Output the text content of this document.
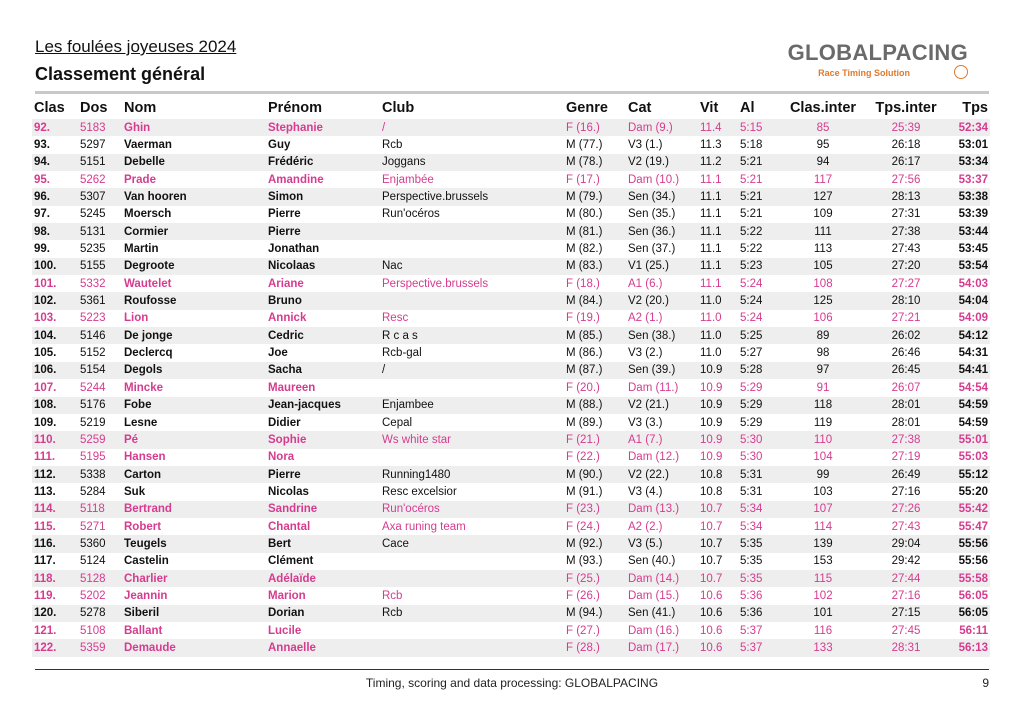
Les foulées joyeuses 2024
Classement général
GLOBALPACING
Race Timing Solution
Clas	Dos	Nom	Prénom	Club	Genre	Cat	Vit	Al	Clas.inter	Tps.inter	Tps
92.	5183	Ghin	Stephanie	/	F (16.)	Dam (9.)	11.4	5:15	85	25:39	52:34
93.	5297	Vaerman	Guy	Rcb	M (77.)	V3 (1.)	11.3	5:18	95	26:18	53:01
94.	5151	Debelle	Frédéric	Joggans	M (78.)	V2 (19.)	11.2	5:21	94	26:17	53:34
95.	5262	Prade	Amandine	Enjambée	F (17.)	Dam (10.)	11.1	5:21	117	27:56	53:37
96.	5307	Van hooren	Simon	Perspective.brussels	M (79.)	Sen (34.)	11.1	5:21	127	28:13	53:38
97.	5245	Moersch	Pierre	Run'océros	M (80.)	Sen (35.)	11.1	5:21	109	27:31	53:39
98.	5131	Cormier	Pierre		M (81.)	Sen (36.)	11.1	5:22	111	27:38	53:44
99.	5235	Martin	Jonathan		M (82.)	Sen (37.)	11.1	5:22	113	27:43	53:45
100.	5155	Degroote	Nicolaas	Nac	M (83.)	V1 (25.)	11.1	5:23	105	27:20	53:54
101.	5332	Wautelet	Ariane	Perspective.brussels	F (18.)	A1 (6.)	11.1	5:24	108	27:27	54:03
102.	5361	Roufosse	Bruno		M (84.)	V2 (20.)	11.0	5:24	125	28:10	54:04
103.	5223	Lion	Annick	Resc	F (19.)	A2 (1.)	11.0	5:24	106	27:21	54:09
104.	5146	De jonge	Cedric	R c a s	M (85.)	Sen (38.)	11.0	5:25	89	26:02	54:12
105.	5152	Declercq	Joe	Rcb-gal	M (86.)	V3 (2.)	11.0	5:27	98	26:46	54:31
106.	5154	Degols	Sacha	/	M (87.)	Sen (39.)	10.9	5:28	97	26:45	54:41
107.	5244	Mincke	Maureen		F (20.)	Dam (11.)	10.9	5:29	91	26:07	54:54
108.	5176	Fobe	Jean-jacques	Enjambee	M (88.)	V2 (21.)	10.9	5:29	118	28:01	54:59
109.	5219	Lesne	Didier	Cepal	M (89.)	V3 (3.)	10.9	5:29	119	28:01	54:59
110.	5259	Pé	Sophie	Ws white star	F (21.)	A1 (7.)	10.9	5:30	110	27:38	55:01
111.	5195	Hansen	Nora		F (22.)	Dam (12.)	10.9	5:30	104	27:19	55:03
112.	5338	Carton	Pierre	Running1480	M (90.)	V2 (22.)	10.8	5:31	99	26:49	55:12
113.	5284	Suk	Nicolas	Resc excelsior	M (91.)	V3 (4.)	10.8	5:31	103	27:16	55:20
114.	5118	Bertrand	Sandrine	Run'océros	F (23.)	Dam (13.)	10.7	5:34	107	27:26	55:42
115.	5271	Robert	Chantal	Axa runing team	F (24.)	A2 (2.)	10.7	5:34	114	27:43	55:47
116.	5360	Teugels	Bert	Cace	M (92.)	V3 (5.)	10.7	5:35	139	29:04	55:56
117.	5124	Castelin	Clément		M (93.)	Sen (40.)	10.7	5:35	153	29:42	55:56
118.	5128	Charlier	Adélaïde		F (25.)	Dam (14.)	10.7	5:35	115	27:44	55:58
119.	5202	Jeannin	Marion	Rcb	F (26.)	Dam (15.)	10.6	5:36	102	27:16	56:05
120.	5278	Siberil	Dorian	Rcb	M (94.)	Sen (41.)	10.6	5:36	101	27:15	56:05
121.	5108	Ballant	Lucile		F (27.)	Dam (16.)	10.6	5:37	116	27:45	56:11
122.	5359	Demaude	Annaelle		F (28.)	Dam (17.)	10.6	5:37	133	28:31	56:13
Timing, scoring and data processing: GLOBALPACING	9
